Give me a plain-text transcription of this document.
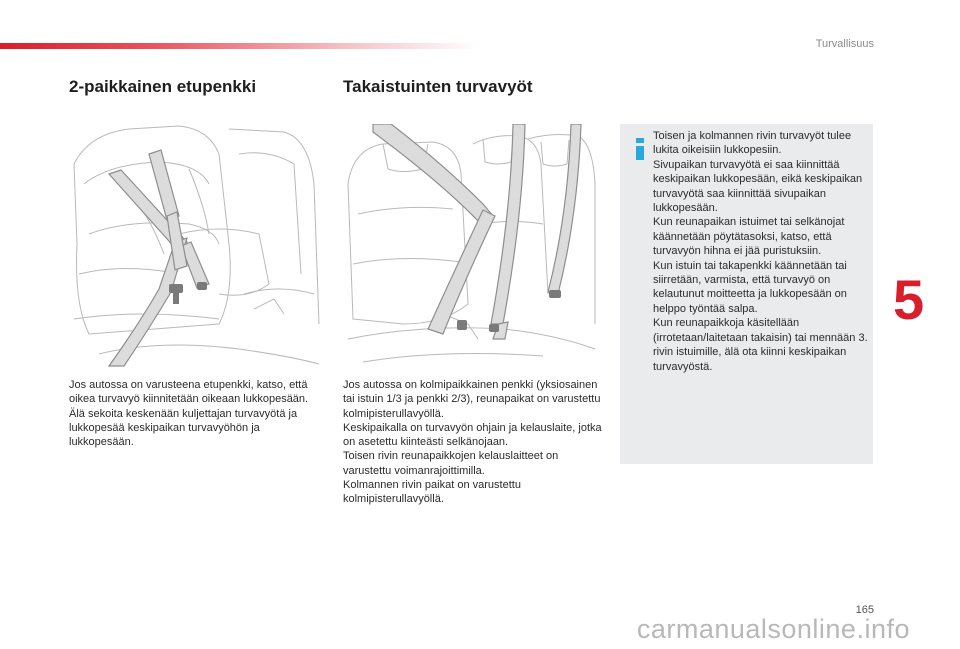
Turvallisuus
5
2-paikkainen etupenkki	Takaistuinten turvavyöt

Jos autossa on varusteena etupenkki, katso, että oikea turvavyö kiinnitetään oikeaan lukkopesään.

Älä sekoita keskenään kuljettajan turvavyötä ja lukkopesää keskipaikan turvavyöhön ja lukkopesään.

Jos autossa on kolmipaikkainen penkki (yksiosainen tai istuin 1/3 ja penkki 2/3), reunapaikat on varustettu kolmipisterullavyöllä.

Keskipaikalla on turvavyön ohjain ja kelauslaite, jotka on asetettu kiinteästi selkänojaan.

Toisen rivin reunapaikkojen kelauslaitteet on varustettu voimanrajoittimilla.

Kolmannen rivin paikat on varustettu kolmipisterullavyöllä.

Toisen ja kolmannen rivin turvavyöt tulee lukita oikeisiin lukkopesiin.

Sivupaikan turvavyötä ei saa kiinnittää keskipaikan lukkopesään, eikä keskipaikan turvavyötä saa kiinnittää sivupaikan lukkopesään.

Kun reunapaikan istuimet tai selkänojat käännetään pöytätasoksi, katso, että turvavyön hihna ei jää puristuksiin.

Kun istuin tai takapenkki käännetään tai siirretään, varmista, että turvavyö on kelautunut moitteetta ja lukkopesään on helppo työntää salpa.

Kun reunapaikkoja käsitellään (irrotetaan/laitetaan takaisin) tai mennään 3. rivin istuimille, älä ota kiinni keskipaikan turvavyöstä.

165
carmanualsonline.info
